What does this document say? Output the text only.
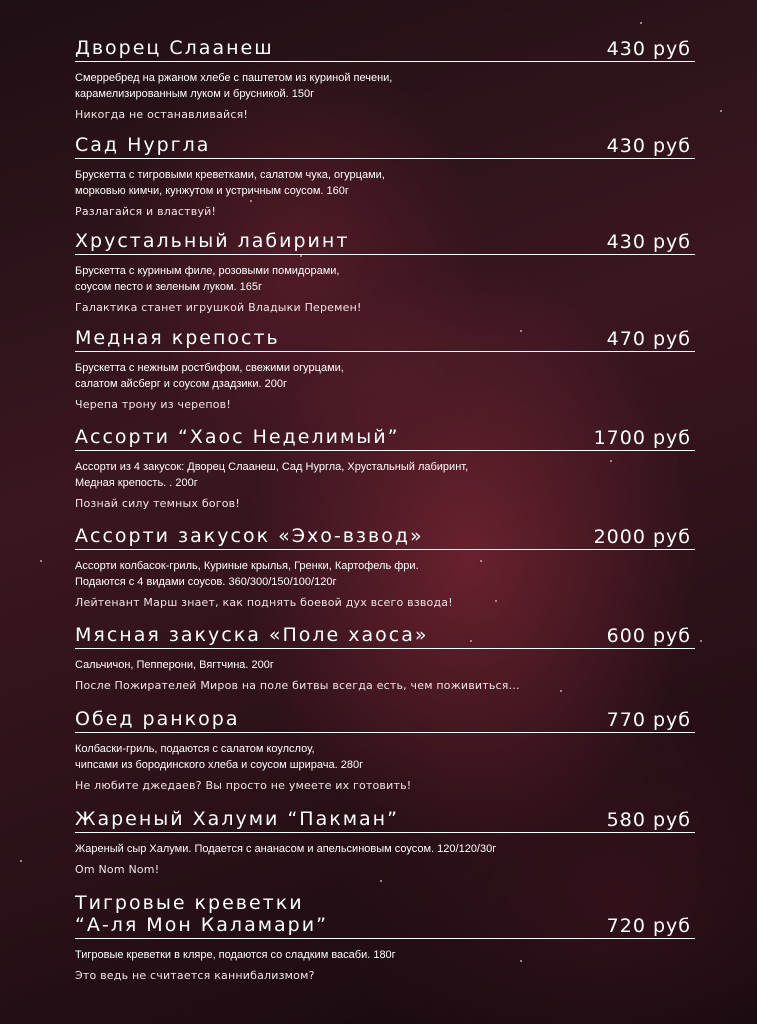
Дворец Слаанеш	430 руб
Смерребред на ржаном хлебе с паштетом из куриной печени,
карамелизированным луком и брусникой. 150г
Никогда не останавливайся!
Сад Нургла	430 руб
Брускетта с тигровыми креветками, салатом чука, огурцами,
морковью кимчи, кунжутом и устричным соусом. 160г
Разлагайся и властвуй!
Хрустальный лабиринт	430 руб
Брускетта с куриным филе, розовыми помидорами,
соусом песто и зеленым луком. 165г
Галактика станет игрушкой Владыки Перемен!
Медная крепость	470 руб
Брускетта с нежным ростбифом, свежими огурцами,
салатом айсберг и соусом дзадзики. 200г
Черепа трону из черепов!
Ассорти “Хаос Неделимый”	1700 руб
Ассорти из 4 закусок: Дворец Слаанеш, Сад Нургла, Хрустальный лабиринт,
Медная крепость. . 200г
Познай силу темных богов!
Ассорти закусок «Эхо-взвод»	2000 руб
Ассорти колбасок-гриль, Куриные крылья, Гренки, Картофель фри.
Подаются с 4 видами соусов. 360/300/150/100/120г
Лейтенант Марш знает, как поднять боевой дух всего взвода!
Мясная закуска «Поле хаоса»	600 руб
Сальчичон, Пепперони, Вягтчина. 200г
После Пожирателей Миров на поле битвы всегда есть, чем поживиться...
Обед ранкора	770 руб
Колбаски-гриль, подаются с салатом коулслоу,
чипсами из бородинского хлеба и соусом шрирача. 280г
Не любите джедаев? Вы просто не умеете их готовить!
Жареный Халуми “Пакман”	580 руб
Жареный сыр Халуми. Подается с ананасом и апельсиновым соусом. 120/120/30г
Om Nom Nom!
Тигровые креветки
“А-ля Мон Каламари”	720 руб
Тигровые креветки в кляре, подаются со сладким васаби. 180г
Это ведь не считается каннибализмом?
